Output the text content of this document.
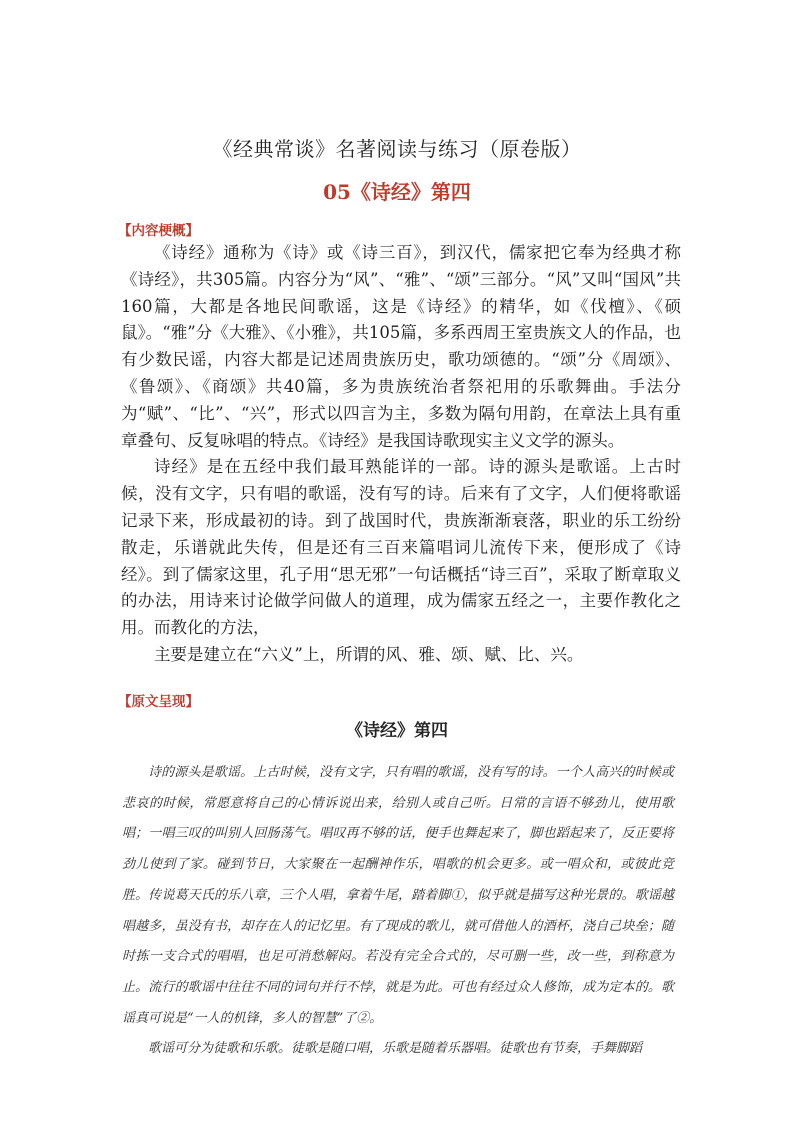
《经典常谈》名著阅读与练习（原卷版）
05《诗经》第四
【内容梗概】

《诗经》通称为《诗》或《诗三百》，到汉代，儒家把它奉为经典才称《诗经》，共305篇。内容分为“风”、“雅”、“颂”三部分。“风”又叫“国风”共160篇，大都是各地民间歌谣，这是《诗经》的精华，如《伐檀》、《硕鼠》。“雅”分《大雅》、《小雅》，共105篇，多系西周王室贵族文人的作品，也有少数民谣，内容大都是记述周贵族历史，歌功颂德的。“颂”分《周颂》、《鲁颂》、《商颂》共40篇，多为贵族统治者祭祀用的乐歌舞曲。手法分为“赋”、“比”、“兴”，形式以四言为主，多数为隔句用韵，在章法上具有重章叠句、反复咏唱的特点。《诗经》是我国诗歌现实主义文学的源头。

诗经》是在五经中我们最耳熟能详的一部。诗的源头是歌谣。上古时候，没有文字，只有唱的歌谣，没有写的诗。后来有了文字，人们便将歌谣记录下来，形成最初的诗。到了战国时代，贵族渐渐衰落，职业的乐工纷纷散走，乐谱就此失传，但是还有三百来篇唱词儿流传下来，便形成了《诗经》。到了儒家这里，孔子用“思无邪”一句话概括“诗三百”，采取了断章取义的办法，用诗来讨论做学问做人的道理，成为儒家五经之一，主要作教化之用。而教化的方法，

主要是建立在“六义”上，所谓的风、雅、颂、赋、比、兴。

【原文呈现】
《诗经》第四

诗的源头是歌谣。上古时候，没有文字，只有唱的歌谣，没有写的诗。一个人高兴的时候或悲哀的时候，常愿意将自己的心情诉说出来，给别人或自己听。日常的言语不够劲儿，使用歌唱；一唱三叹的叫别人回肠荡气。唱叹再不够的话，便手也舞起来了，脚也蹈起来了，反正要将劲儿使到了家。碰到节日，大家聚在一起酬神作乐，唱歌的机会更多。或一唱众和，或彼此竞胜。传说葛天氏的乐八章，三个人唱，拿着牛尾，踏着脚①，似乎就是描写这种光景的。歌谣越唱越多，虽没有书，却存在人的记忆里。有了现成的歌儿，就可借他人的酒杯，浇自己块垒；随时拣一支合式的唱唱，也足可消愁解闷。若没有完全合式的，尽可删一些，改一些，到称意为止。流行的歌谣中往往不同的词句并行不悖，就是为此。可也有经过众人修饰，成为定本的。歌谣真可说是“一人的机锋，多人的智慧”了②。

歌谣可分为徒歌和乐歌。徒歌是随口唱，乐歌是随着乐器唱。徒歌也有节奏，手舞脚蹈
